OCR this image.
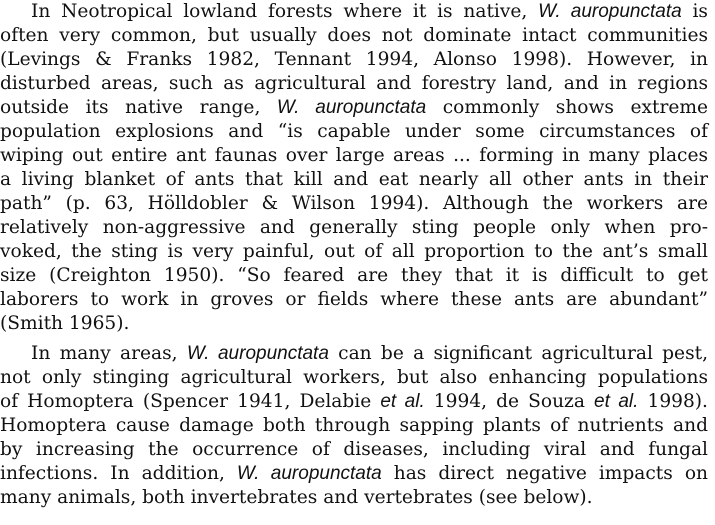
In Neotropical lowland forests where it is native, W. auropunctata is
often very common, but usually does not dominate intact communities
(Levings & Franks 1982, Tennant 1994, Alonso 1998). However, in
disturbed areas, such as agricultural and forestry land, and in regions
outside its native range, W. auropunctata commonly shows extreme
population explosions and “is capable under some circumstances of
wiping out entire ant faunas over large areas ... forming in many places
a living blanket of ants that kill and eat nearly all other ants in their
path” (p. 63, Hölldobler & Wilson 1994). Although the workers are
relatively non-aggressive and generally sting people only when pro-
voked, the sting is very painful, out of all proportion to the ant’s small
size (Creighton 1950). “So feared are they that it is difficult to get
laborers to work in groves or fields where these ants are abundant”
(Smith 1965).
In many areas, W. auropunctata can be a significant agricultural pest,
not only stinging agricultural workers, but also enhancing populations
of Homoptera (Spencer 1941, Delabie et al. 1994, de Souza et al. 1998).
Homoptera cause damage both through sapping plants of nutrients and
by increasing the occurrence of diseases, including viral and fungal
infections. In addition, W. auropunctata has direct negative impacts on
many animals, both invertebrates and vertebrates (see below).
